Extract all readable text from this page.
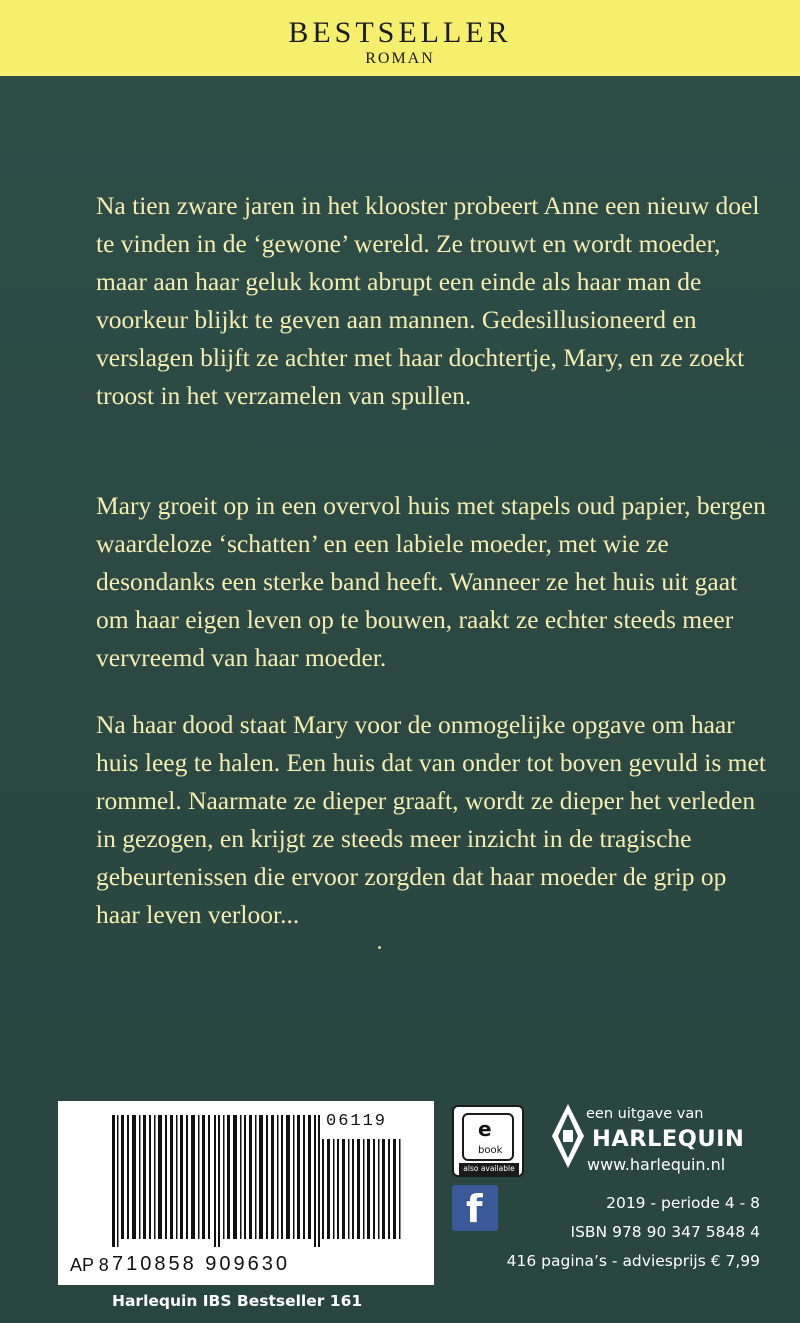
BESTSELLER
ROMAN

Na tien zware jaren in het klooster probeert Anne een nieuw doel te vinden in de ‘gewone’ wereld. Ze trouwt en wordt moeder, maar aan haar geluk komt abrupt een einde als haar man de voorkeur blijkt te geven aan mannen. Gedesillusioneerd en verslagen blijft ze achter met haar dochtertje, Mary, en ze zoekt troost in het verzamelen van spullen.

Mary groeit op in een overvol huis met stapels oud papier, bergen waardeloze ‘schatten’ en een labiele moeder, met wie ze desondanks een sterke band heeft. Wanneer ze het huis uit gaat om haar eigen leven op te bouwen, raakt ze echter steeds meer vervreemd van haar moeder.

Na haar dood staat Mary voor de onmogelijke opgave om haar huis leeg te halen. Een huis dat van onder tot boven gevuld is met rommel. Naarmate ze dieper graaft, wordt ze dieper het verleden in gezogen, en krijgt ze steeds meer inzicht in de tragische gebeurtenissen die ervoor zorgden dat haar moeder de grip op haar leven verloor...

06119
AP 8 710858 909630
Harlequin IBS Bestseller 161
e
book
also available
f
een uitgave van
HARLEQUIN
www.harlequin.nl
2019 - periode 4 - 8
ISBN 978 90 347 5848 4
416 pagina’s - adviesprijs € 7,99
